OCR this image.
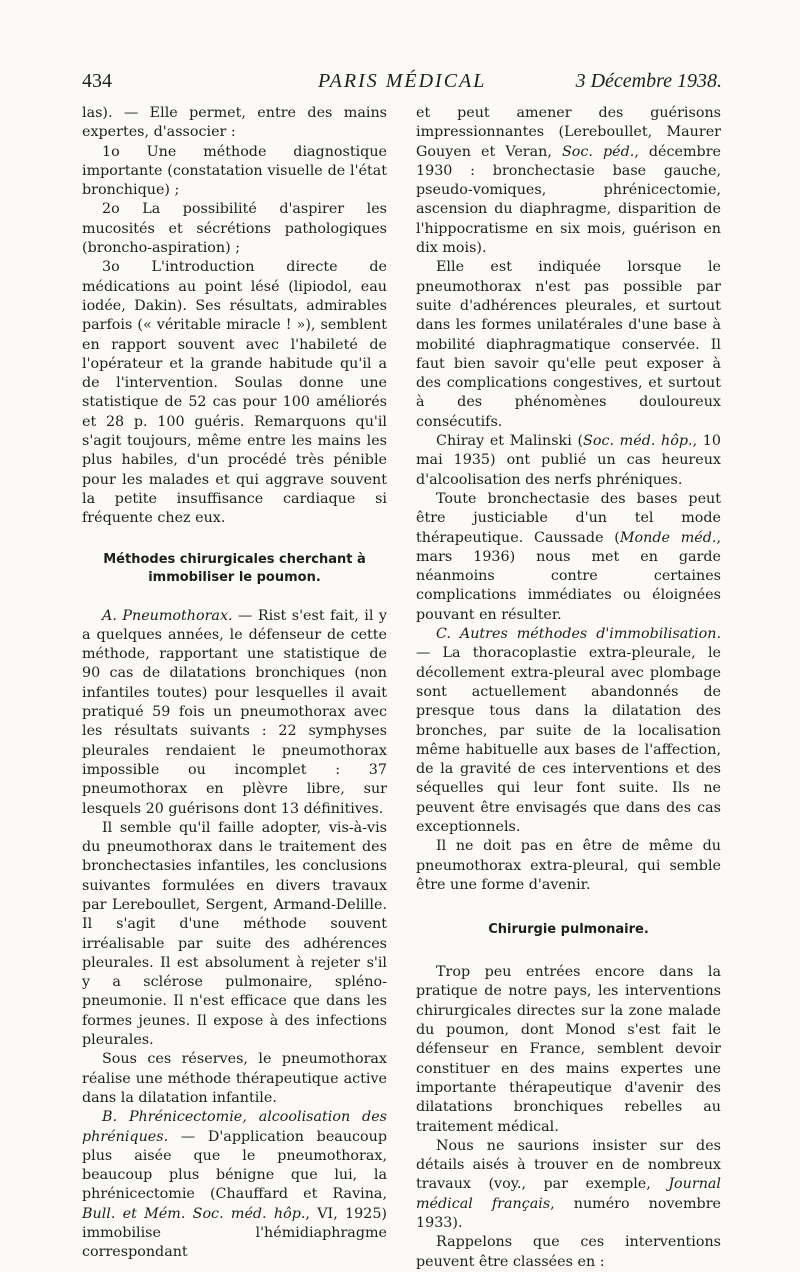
434	PARIS MÉDICAL	3 Décembre 1938.

las). — Elle permet, entre des mains expertes, d'associer :

1o Une méthode diagnostique importante (constatation visuelle de l'état bronchique) ;

2o La possibilité d'aspirer les mucosités et sécrétions pathologiques (broncho-aspiration) ;

3o L'introduction directe de médications au point lésé (lipiodol, eau iodée, Dakin). Ses résultats, admirables parfois (« véritable miracle ! »), semblent en rapport souvent avec l'habileté de l'opérateur et la grande habitude qu'il a de l'intervention. Soulas donne une statistique de 52 cas pour 100 améliorés et 28 p. 100 guéris. Remarquons qu'il s'agit toujours, même entre les mains les plus habiles, d'un procédé très pénible pour les malades et qui aggrave souvent la petite insuffisance cardiaque si fréquente chez eux.

Méthodes chirurgicales cherchant à immobiliser le poumon.

A. Pneumothorax. — Rist s'est fait, il y a quelques années, le défenseur de cette méthode, rapportant une statistique de 90 cas de dilatations bronchiques (non infantiles toutes) pour lesquelles il avait pratiqué 59 fois un pneumothorax avec les résultats suivants : 22 symphyses pleurales rendaient le pneumothorax impossible ou incomplet : 37 pneumothorax en plèvre libre, sur lesquels 20 guérisons dont 13 définitives.

Il semble qu'il faille adopter, vis-à-vis du pneumothorax dans le traitement des bronchectasies infantiles, les conclusions suivantes formulées en divers travaux par Lereboullet, Sergent, Armand-Delille. Il s'agit d'une méthode souvent irréalisable par suite des adhérences pleurales. Il est absolument à rejeter s'il y a sclérose pulmonaire, spléno-pneumonie. Il n'est efficace que dans les formes jeunes. Il expose à des infections pleurales.

Sous ces réserves, le pneumothorax réalise une méthode thérapeutique active dans la dilatation infantile.

B. Phrénicectomie, alcoolisation des phréniques. — D'application beaucoup plus aisée que le pneumothorax, beaucoup plus bénigne que lui, la phrénicectomie (Chauffard et Ravina, Bull. et Mém. Soc. méd. hôp., VI, 1925) immobilise l'hémidiaphragme correspondant

et peut amener des guérisons impressionnantes (Lereboullet, Maurer Gouyen et Veran, Soc. péd., décembre 1930 : bronchectasie base gauche, pseudo-vomiques, phrénicectomie, ascension du diaphragme, disparition de l'hippocratisme en six mois, guérison en dix mois).

Elle est indiquée lorsque le pneumothorax n'est pas possible par suite d'adhérences pleurales, et surtout dans les formes unilatérales d'une base à mobilité diaphragmatique conservée. Il faut bien savoir qu'elle peut exposer à des complications congestives, et surtout à des phénomènes douloureux consécutifs.

Chiray et Malinski (Soc. méd. hôp., 10 mai 1935) ont publié un cas heureux d'alcoolisation des nerfs phréniques.

Toute bronchectasie des bases peut être justiciable d'un tel mode thérapeutique. Caussade (Monde méd., mars 1936) nous met en garde néanmoins contre certaines complications immédiates ou éloignées pouvant en résulter.

C. Autres méthodes d'immobilisation. — La thoracoplastie extra-pleurale, le décollement extra-pleural avec plombage sont actuellement abandonnés de presque tous dans la dilatation des bronches, par suite de la localisation même habituelle aux bases de l'affection, de la gravité de ces interventions et des séquelles qui leur font suite. Ils ne peuvent être envisagés que dans des cas exceptionnels.

Il ne doit pas en être de même du pneumothorax extra-pleural, qui semble être une forme d'avenir.

Chirurgie pulmonaire.

Trop peu entrées encore dans la pratique de notre pays, les interventions chirurgicales directes sur la zone malade du poumon, dont Monod s'est fait le défenseur en France, semblent devoir constituer en des mains expertes une importante thérapeutique d'avenir des dilatations bronchiques rebelles au traitement médical.

Nous ne saurions insister sur des détails aisés à trouver en de nombreux travaux (voy., par exemple, Journal médical français, numéro novembre 1933).

Rappelons que ces interventions peuvent être classées en :
